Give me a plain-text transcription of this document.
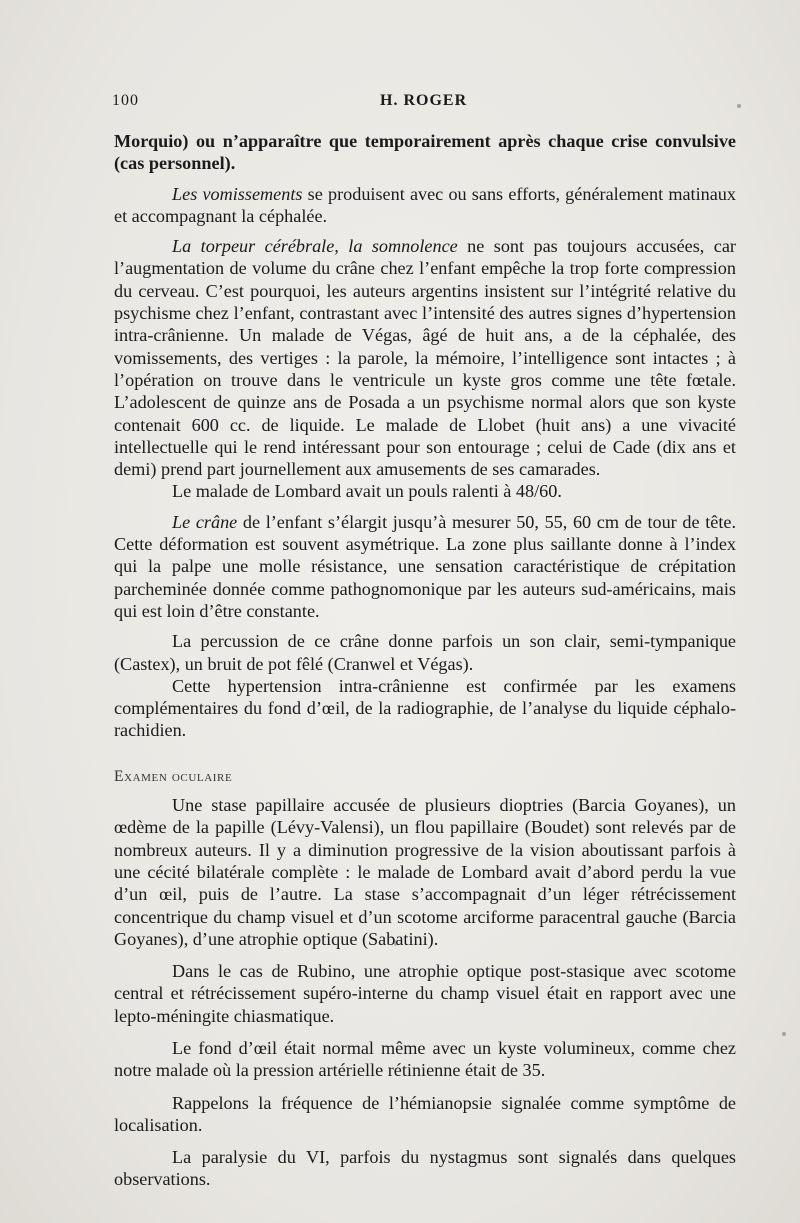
100	H. ROGER

Morquio) ou n’apparaître que temporairement après chaque crise convulsive (cas personnel).

Les vomissements se produisent avec ou sans efforts, généralement matinaux et accompagnant la céphalée.

La torpeur cérébrale, la somnolence ne sont pas toujours accusées, car l’augmentation de volume du crâne chez l’enfant empêche la trop forte compression du cerveau. C’est pourquoi, les auteurs argentins insistent sur l’intégrité relative du psychisme chez l’enfant, contrastant avec l’intensité des autres signes d’hypertension intra-crânienne. Un malade de Végas, âgé de huit ans, a de la céphalée, des vomissements, des vertiges : la parole, la mémoire, l’intelligence sont intactes ; à l’opération on trouve dans le ventricule un kyste gros comme une tête fœtale. L’adolescent de quinze ans de Posada a un psychisme normal alors que son kyste contenait 600 cc. de liquide. Le malade de Llobet (huit ans) a une vivacité intellectuelle qui le rend intéressant pour son entourage ; celui de Cade (dix ans et demi) prend part journellement aux amusements de ses camarades.

Le malade de Lombard avait un pouls ralenti à 48/60.

Le crâne de l’enfant s’élargit jusqu’à mesurer 50, 55, 60 cm de tour de tête. Cette déformation est souvent asymétrique. La zone plus saillante donne à l’index qui la palpe une molle résistance, une sensation caractéristique de crépitation parcheminée donnée comme pathognomonique par les auteurs sud-américains, mais qui est loin d’être constante.

La percussion de ce crâne donne parfois un son clair, semi-tympanique (Castex), un bruit de pot fêlé (Cranwel et Végas).

Cette hypertension intra-crânienne est confirmée par les examens complémentaires du fond d’œil, de la radiographie, de l’analyse du liquide céphalo-rachidien.

Examen oculaire

Une stase papillaire accusée de plusieurs dioptries (Barcia Goyanes), un œdème de la papille (Lévy-Valensi), un flou papillaire (Boudet) sont relevés par de nombreux auteurs. Il y a diminution progressive de la vision aboutissant parfois à une cécité bilatérale complète : le malade de Lombard avait d’abord perdu la vue d’un œil, puis de l’autre. La stase s’accompagnait d’un léger rétrécissement concentrique du champ visuel et d’un scotome arciforme paracentral gauche (Barcia Goyanes), d’une atrophie optique (Sabatini).

Dans le cas de Rubino, une atrophie optique post-stasique avec scotome central et rétrécissement supéro-interne du champ visuel était en rapport avec une lepto-méningite chiasmatique.

Le fond d’œil était normal même avec un kyste volumineux, comme chez notre malade où la pression artérielle rétinienne était de 35.

Rappelons la fréquence de l’hémianopsie signalée comme symptôme de localisation.

La paralysie du VI, parfois du nystagmus sont signalés dans quelques observations.
